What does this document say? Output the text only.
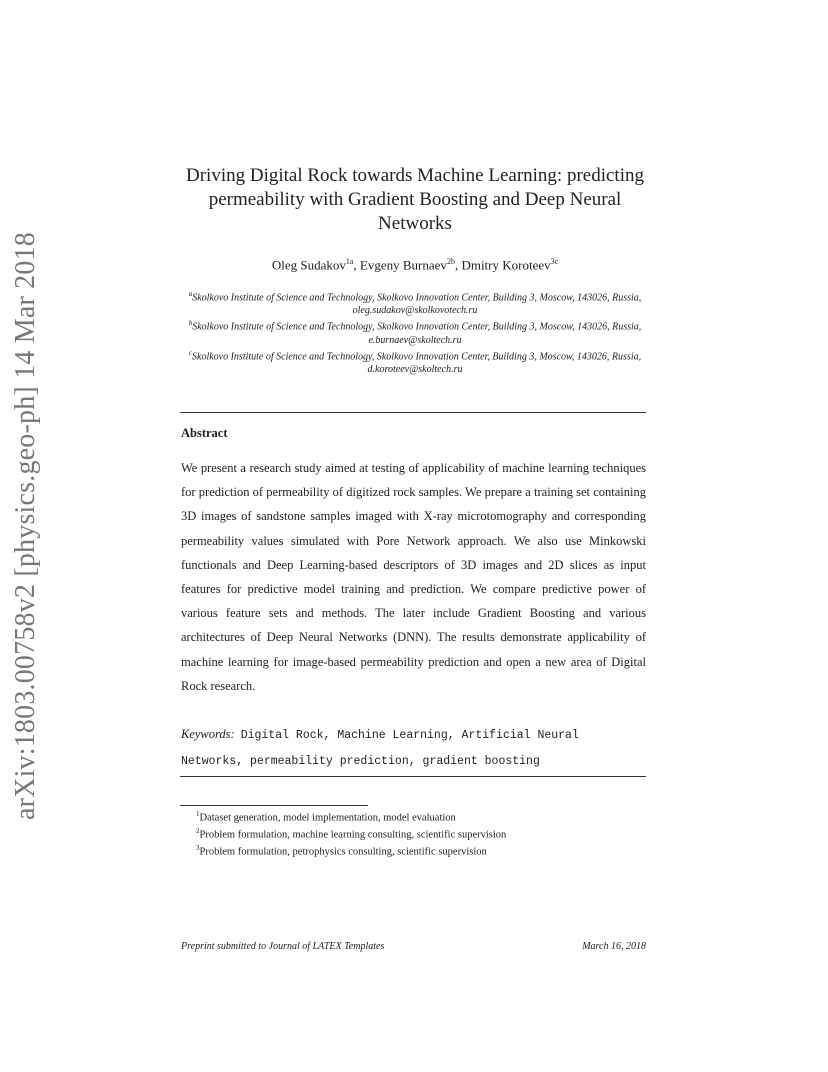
arXiv:1803.00758v2 [physics.geo-ph] 14 Mar 2018
Driving Digital Rock towards Machine Learning: predicting permeability with Gradient Boosting and Deep Neural Networks
Oleg Sudakov$^{1a}$, Evgeny Burnaev$^{2b}$, Dmitry Koroteev$^{3c}$

$^a$Skolkovo Institute of Science and Technology, Skolkovo Innovation Center, Building 3, Moscow, 143026, Russia, oleg.sudakov@skolkovotech.ru

$^b$Skolkovo Institute of Science and Technology, Skolkovo Innovation Center, Building 3, Moscow, 143026, Russia, e.burnaev@skoltech.ru

$^c$Skolkovo Institute of Science and Technology, Skolkovo Innovation Center, Building 3, Moscow, 143026, Russia, d.koroteev@skoltech.ru

Abstract
We present a research study aimed at testing of applicability of machine learning techniques for prediction of permeability of digitized rock samples. We prepare a training set containing 3D images of sandstone samples imaged with X-ray microtomography and corresponding permeability values simulated with Pore Network approach. We also use Minkowski functionals and Deep Learning-based descriptors of 3D images and 2D slices as input features for predictive model training and prediction. We compare predictive power of various feature sets and methods. The later include Gradient Boosting and various architectures of Deep Neural Networks (DNN). The results demonstrate applicability of machine learning for image-based permeability prediction and open a new area of Digital Rock research.
Keywords: Digital Rock, Machine Learning, Artificial Neural Networks, permeability prediction, gradient boosting

$^1$Dataset generation, model implementation, model evaluation

$^2$Problem formulation, machine learning consulting, scientific supervision

$^3$Problem formulation, petrophysics consulting, scientific supervision

Preprint submitted to Journal of LATEX Templates	March 16, 2018
